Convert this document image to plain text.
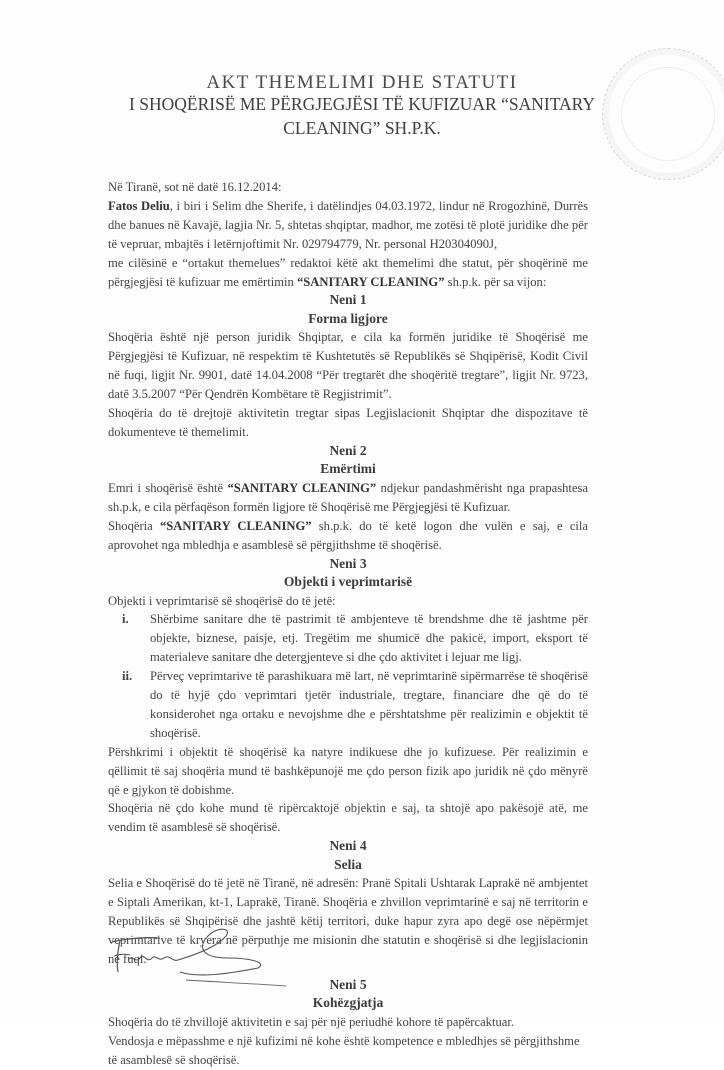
AKT THEMELIMI DHE STATUTI
I SHOQËRISË ME PËRGJEGJËSI TË KUFIZUAR “SANITARY CLEANING” SH.P.K.

Në Tiranë, sot në datë 16.12.2014:

Fatos Deliu, i biri i Selim dhe Sherife, i datëlindjes 04.03.1972, lindur në Rrogozhinë, Durrës dhe banues në Kavajë, lagjia Nr. 5, shtetas shqiptar, madhor, me zotësi të plotë juridike dhe për të vepruar, mbajtës i letërnjoftimit Nr. 029794779, Nr. personal H20304090J,

me cilësinë e “ortakut themelues” redaktoi këtë akt themelimi dhe statut, për shoqërinë me përgjegjësi të kufizuar me emërtimin “SANITARY CLEANING” sh.p.k. për sa vijon:

Neni 1

Forma ligjore

Shoqëria është një person juridik Shqiptar, e cila ka formën juridike të Shoqërisë me Përgjegjësi të Kufizuar, në respektim të Kushtetutës së Republikës së Shqipërisë, Kodit Civil në fuqi, ligjit Nr. 9901, datë 14.04.2008 “Për tregtarët dhe shoqëritë tregtare”, ligjit Nr. 9723, datë 3.5.2007 “Për Qendrën Kombëtare të Regjistrimit”.

Shoqëria do të drejtojë aktivitetin tregtar sipas Legjislacionit Shqiptar dhe dispozitave të dokumenteve të themelimit.

Neni 2

Emërtimi

Emri i shoqërisë është “SANITARY CLEANING” ndjekur pandashmërisht nga prapashtesa sh.p.k, e cila përfaqëson formën ligjore të Shoqërisë me Përgjegjësi të Kufizuar.

Shoqëria “SANITARY CLEANING” sh.p.k. do të ketë logon dhe vulën e saj, e cila aprovohet nga mbledhja e asamblesë së përgjithshme të shoqërisë.

Neni 3

Objekti i veprimtarisë

Objekti i veprimtarisë së shoqërisë do të jetë:

i.	Shërbime sanitare dhe të pastrimit të ambjenteve të brendshme dhe të jashtme për objekte, biznese, paisje, etj. Tregëtim me shumicë dhe pakicë, import, eksport të materialeve sanitare dhe detergjenteve si dhe çdo aktivitet i lejuar me ligj.
ii.	Përveç veprimtarive të parashikuara më lart, në veprimtarinë sipërmarrëse të shoqërisë do të hyjë çdo veprimtari tjetër industriale, tregtare, financiare dhe që do të konsiderohet nga ortaku e nevojshme dhe e përshtatshme për realizimin e objektit të shoqërisë.

Përshkrimi i objektit të shoqërisë ka natyre indikuese dhe jo kufizuese. Për realizimin e qëllimit të saj shoqëria mund të bashkëpunojë me çdo person fizik apo juridik në çdo mënyrë që e gjykon të dobishme.

Shoqëria në çdo kohe mund të ripërcaktojë objektin e saj, ta shtojë apo pakësojë atë, me vendim të asamblesë së shoqërisë.

Neni 4

Selia

Selia e Shoqërisë do të jetë në Tiranë, në adresën: Pranë Spitali Ushtarak Laprakë në ambjentet e Siptali Amerikan, kt-1, Laprakë, Tiranë. Shoqëria e zhvillon veprimtarinë e saj në territorin e Republikës së Shqipërisë dhe jashtë këtij territori, duke hapur zyra apo degë ose nëpërmjet veprimtarive të kryera në përputhje me misionin dhe statutin e shoqërisë si dhe legjislacionin në fuqi.

Neni 5

Kohëzgjatja

Shoqëria do të zhvillojë aktivitetin e saj për një periudhë kohore të papërcaktuar.

Vendosja e mëpasshme e një kufizimi në kohe është kompetence e mbledhjes së përgjithshme të asamblesë së shoqërisë.
